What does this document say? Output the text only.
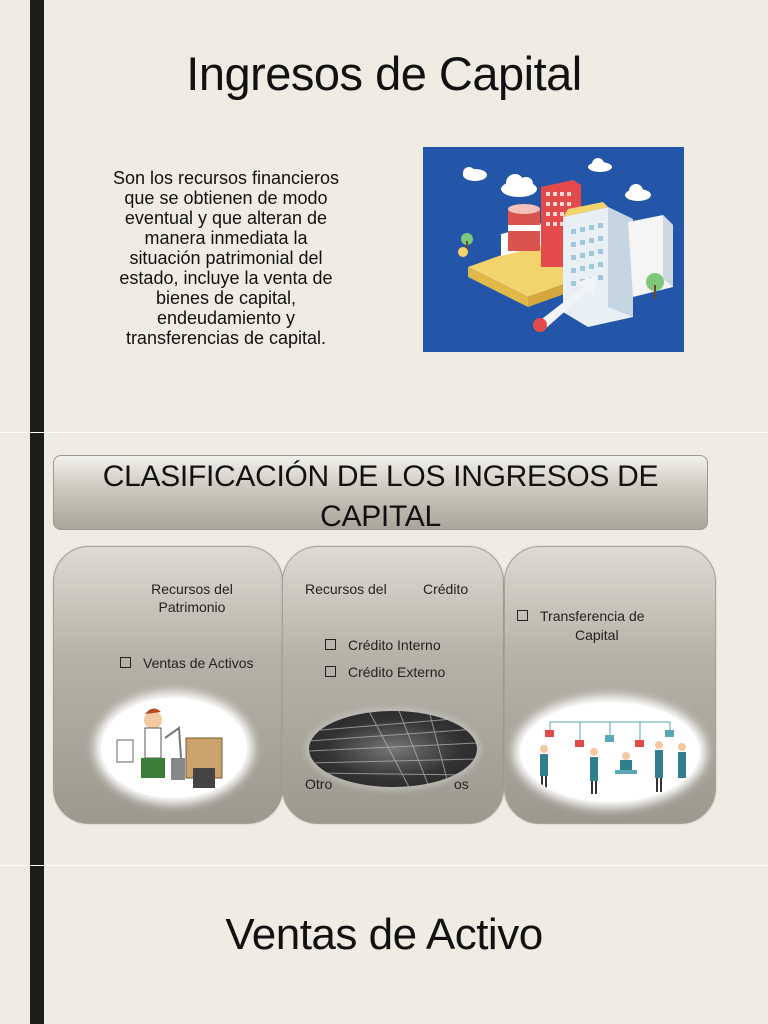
Ingresos de Capital
Son los recursos financieros
que se obtienen de modo
eventual y que alteran de
manera inmediata la
situación patrimonial del
estado, incluye la venta de
bienes de capital,
endeudamiento y
transferencias de capital.
CLASIFICACIÓN DE LOS INGRESOS DE
CAPITAL
Recursos del
Patrimonio
Ventas de Activos
Recursos del	Crédito
Crédito Interno
Crédito Externo
Otro	os
Transferencia de
Capital
Ventas de Activo
